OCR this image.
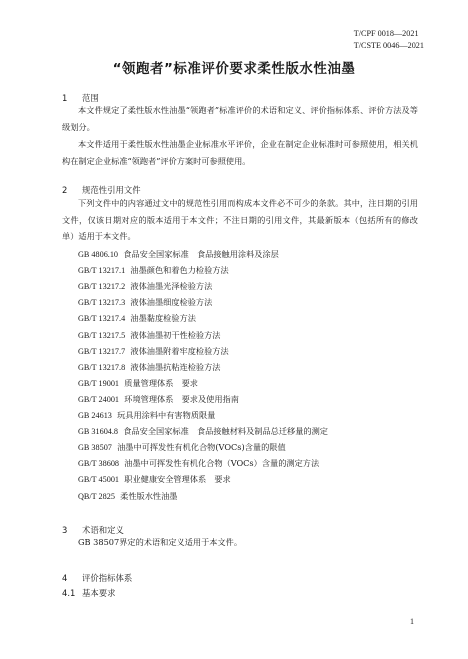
T/CPF 0018—2021
T/CSTE 0046—2021
“领跑者”标准评价要求柔性版水性油墨
1 范围
本文件规定了柔性版水性油墨“领跑者”标准评价的术语和定义、评价指标体系、评价方法及等级划分。
本文件适用于柔性版水性油墨企业标准水平评价，企业在制定企业标准时可参照使用，相关机构在制定企业标准“领跑者”评价方案时可参照使用。
2 规范性引用文件
下列文件中的内容通过文中的规范性引用而构成本文件必不可少的条款。其中，注日期的引用文件，仅该日期对应的版本适用于本文件；不注日期的引用文件，其最新版本（包括所有的修改单）适用于本文件。
GB 4806.10 食品安全国家标准　食品接触用涂料及涂层
GB/T 13217.1 油墨颜色和着色力检验方法
GB/T 13217.2 液体油墨光泽检验方法
GB/T 13217.3 液体油墨细度检验方法
GB/T 13217.4 油墨黏度检验方法
GB/T 13217.5 液体油墨初干性检验方法
GB/T 13217.7 液体油墨附着牢度检验方法
GB/T 13217.8 液体油墨抗粘连检验方法
GB/T 19001 质量管理体系　要求
GB/T 24001 环境管理体系　要求及使用指南
GB 24613 玩具用涂料中有害物质限量
GB 31604.8 食品安全国家标准　食品接触材料及制品总迁移量的测定
GB 38507 油墨中可挥发性有机化合物(VOCs)含量的限值
GB/T 38608 油墨中可挥发性有机化合物（VOCs）含量的测定方法
GB/T 45001 职业健康安全管理体系　要求
QB/T 2825 柔性版水性油墨
3 术语和定义
GB 38507界定的术语和定义适用于本文件。
4 评价指标体系
4.1 基本要求
1
